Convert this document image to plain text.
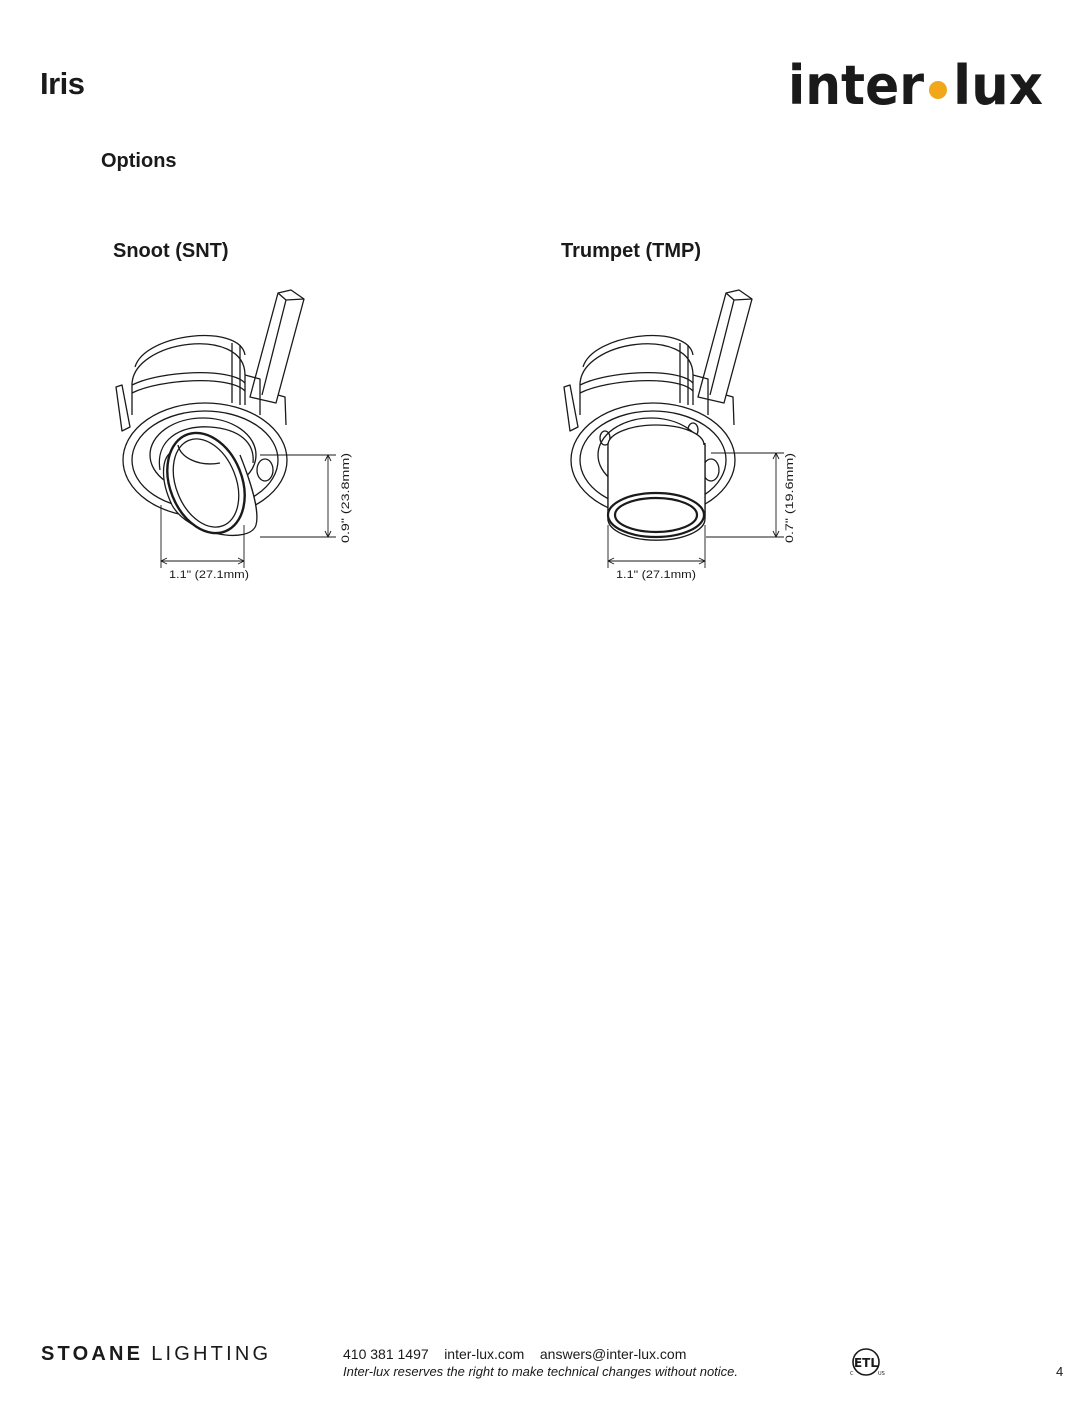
Iris	inter lux
Options
Snoot (SNT)	Trumpet (TMP)
0.9" (23.8mm)
1.1" (27.1mm)
0.7" (19.6mm)
1.1" (27.1mm)
STOANE LIGHTING	410 381 1497    inter-lux.com    answers@inter-lux.com
Inter-lux reserves the right to make technical changes without notice.
ETL
C	US	4
